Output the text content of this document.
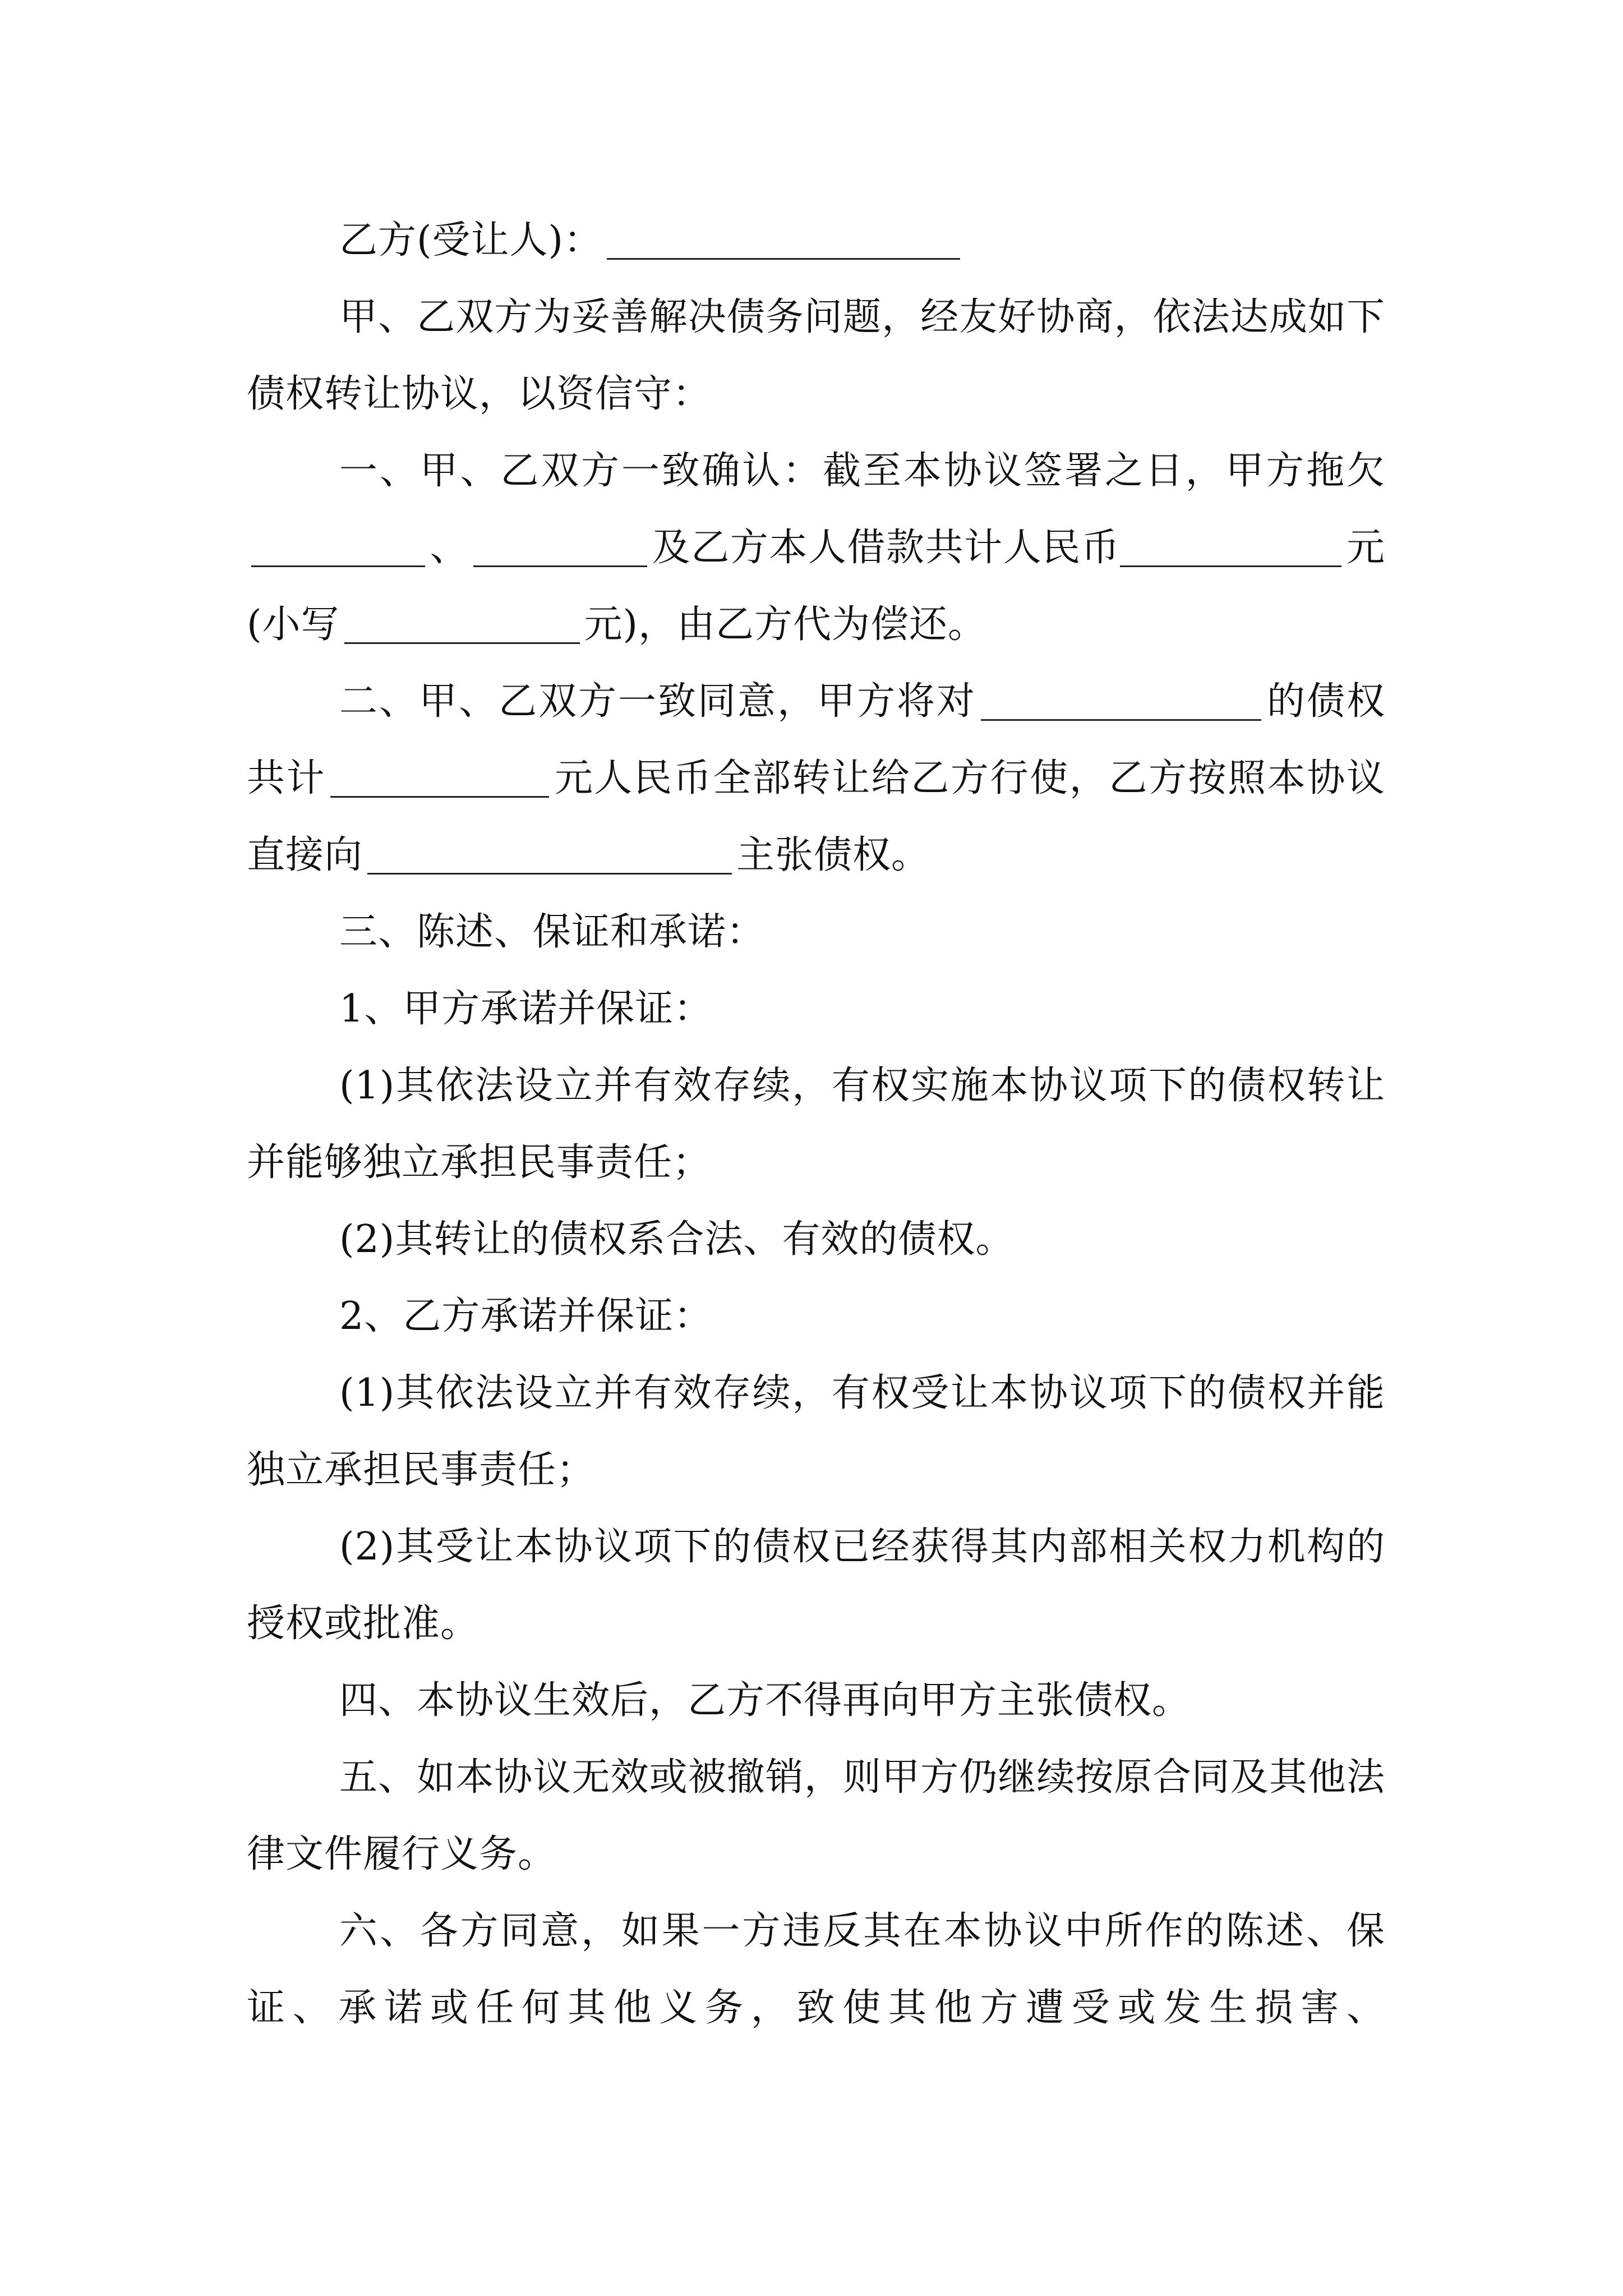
乙方(受让人)：

甲、乙双方为妥善解决债务问题，经友好协商，依法达成如下债权转让协议，以资信守：

一、甲、乙双方一致确认：截至本协议签署之日，甲方拖欠、	及乙方本人借款共计人民币	元(小写	元)，由乙方代为偿还。

二、甲、乙双方一致同意，甲方将对	的债权共计	元人民币全部转让给乙方行使，乙方按照本协议直接向	主张债权。

三、陈述、保证和承诺：

1、甲方承诺并保证：

(1)其依法设立并有效存续，有权实施本协议项下的债权转让并能够独立承担民事责任；

(2)其转让的债权系合法、有效的债权。

2、乙方承诺并保证：

(1)其依法设立并有效存续，有权受让本协议项下的债权并能独立承担民事责任；

(2)其受让本协议项下的债权已经获得其内部相关权力机构的授权或批准。

四、本协议生效后，乙方不得再向甲方主张债权。

五、如本协议无效或被撤销，则甲方仍继续按原合同及其他法律文件履行义务。

六、各方同意，如果一方违反其在本协议中所作的陈述、保证、承诺或任何其他义务，致使其他方遭受或发生损害、
